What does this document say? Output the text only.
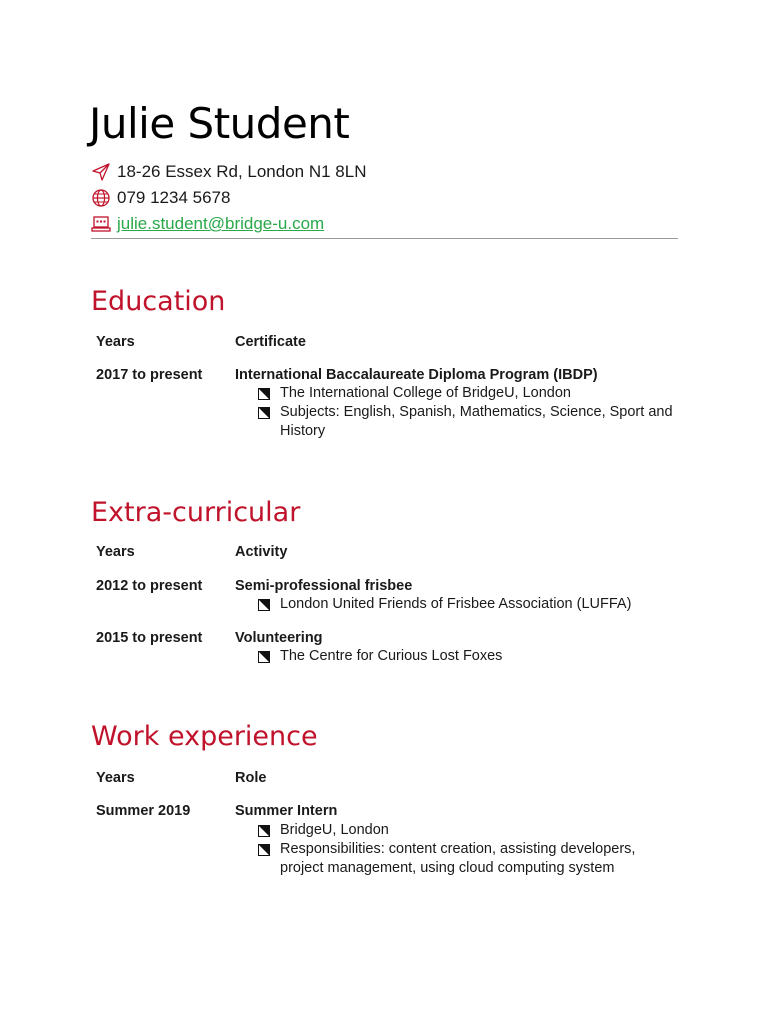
Julie Student
18-26 Essex Rd, London N1 8LN
079 1234 5678
julie.student@bridge-u.com
Education
Years	Certificate
2017 to present International Baccalaureate Diploma Program (IBDP)
The International College of BridgeU, London
Subjects: English, Spanish, Mathematics, Science, Sport and History
Extra-curricular
Years	Activity
2012 to present Semi-professional frisbee
London United Friends of Frisbee Association (LUFFA)
2015 to present Volunteering
The Centre for Curious Lost Foxes
Work experience
Years	Role
Summer 2019	Summer Intern
BridgeU, London
Responsibilities: content creation, assisting developers, project management, using cloud computing system
